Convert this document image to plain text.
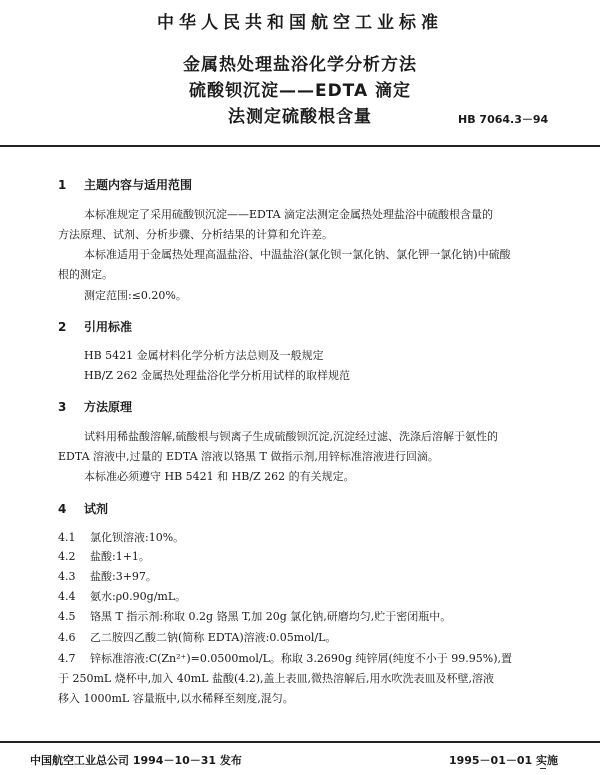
中华人民共和国航空工业标准
金属热处理盐浴化学分析方法
硫酸钡沉淀——EDTA 滴定
法测定硫酸根含量	HB 7064.3－94
1 主题内容与适用范围
本标准规定了采用硫酸钡沉淀——EDTA 滴定法测定金属热处理盐浴中硫酸根含量的
方法原理、试剂、分析步骤、分析结果的计算和允许差。
本标准适用于金属热处理高温盐浴、中温盐浴(氯化钡一氯化钠、氯化钾一氯化钠)中硫酸
根的测定。
测定范围:≤0.20%。
2 引用标准
HB 5421 金属材料化学分析方法总则及一般规定
HB/Z 262 金属热处理盐浴化学分析用试样的取样规范
3 方法原理
试料用稀盐酸溶解,硫酸根与钡离子生成硫酸钡沉淀,沉淀经过滤、洗涤后溶解于氨性的
EDTA 溶液中,过量的 EDTA 溶液以铬黑 T 做指示剂,用锌标准溶液进行回滴。
本标准必须遵守 HB 5421 和 HB/Z 262 的有关规定。
4 试剂
4.1 氯化钡溶液:10%。
4.2 盐酸:1+1。
4.3 盐酸:3+97。
4.4 氨水:ρ0.90g/mL。
4.5 铬黑 T 指示剂:称取 0.2g 铬黑 T,加 20g 氯化钠,研磨均匀,贮于密闭瓶中。
4.6 乙二胺四乙酸二钠(简称 EDTA)溶液:0.05mol/L。
4.7 锌标准溶液:C(Zn²⁺)=0.0500mol/L。称取 3.2690g 纯锌屑(纯度不小于 99.95%),置
于 250mL 烧杯中,加入 40mL 盐酸(4.2),盖上表皿,微热溶解后,用水吹洗表皿及杯壁,溶液
移入 1000mL 容量瓶中,以水稀释至刻度,混匀。
中国航空工业总公司 1994－10－31 发布	1995－01－01 实施
